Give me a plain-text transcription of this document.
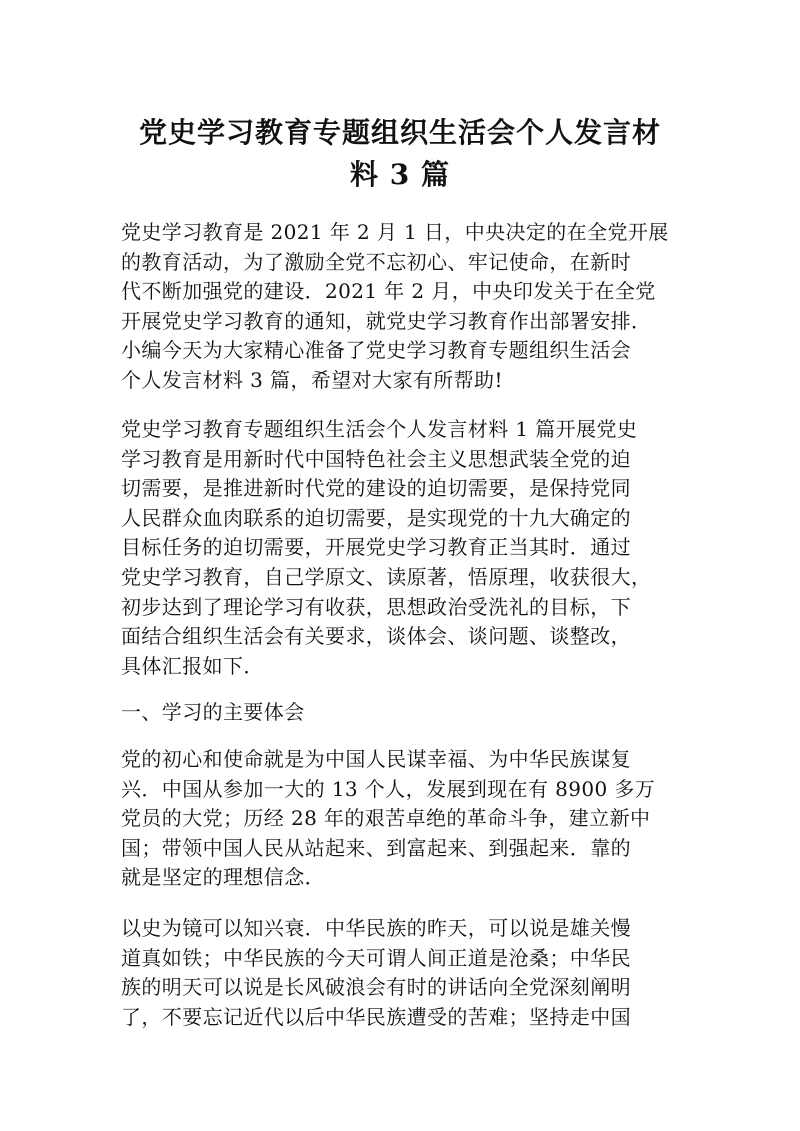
党史学习教育专题组织生活会个人发言材
料 3 篇

党史学习教育是 2021 年 2 月 1 日，中央决定的在全党开展
的教育活动，为了激励全党不忘初心、牢记使命，在新时
代不断加强党的建设．2021 年 2 月，中央印发关于在全党
开展党史学习教育的通知，就党史学习教育作出部署安排．
小编今天为大家精心准备了党史学习教育专题组织生活会
个人发言材料 3 篇，希望对大家有所帮助!

党史学习教育专题组织生活会个人发言材料 1 篇开展党史
学习教育是用新时代中国特色社会主义思想武装全党的迫
切需要，是推进新时代党的建设的迫切需要，是保持党同
人民群众血肉联系的迫切需要，是实现党的十九大确定的
目标任务的迫切需要，开展党史学习教育正当其时．通过
党史学习教育，自己学原文、读原著，悟原理，收获很大，
初步达到了理论学习有收获，思想政治受洗礼的目标，下
面结合组织生活会有关要求，谈体会、谈问题、谈整改，
具体汇报如下．

一、学习的主要体会

党的初心和使命就是为中国人民谋幸福、为中华民族谋复
兴．中国从参加一大的 13 个人，发展到现在有 8900 多万
党员的大党；历经 28 年的艰苦卓绝的革命斗争，建立新中
国；带领中国人民从站起来、到富起来、到强起来．靠的
就是坚定的理想信念．

以史为镜可以知兴衰．中华民族的昨天，可以说是雄关慢
道真如铁；中华民族的今天可谓人间正道是沧桑；中华民
族的明天可以说是长风破浪会有时的讲话向全党深刻阐明
了，不要忘记近代以后中华民族遭受的苦难；坚持走中国
